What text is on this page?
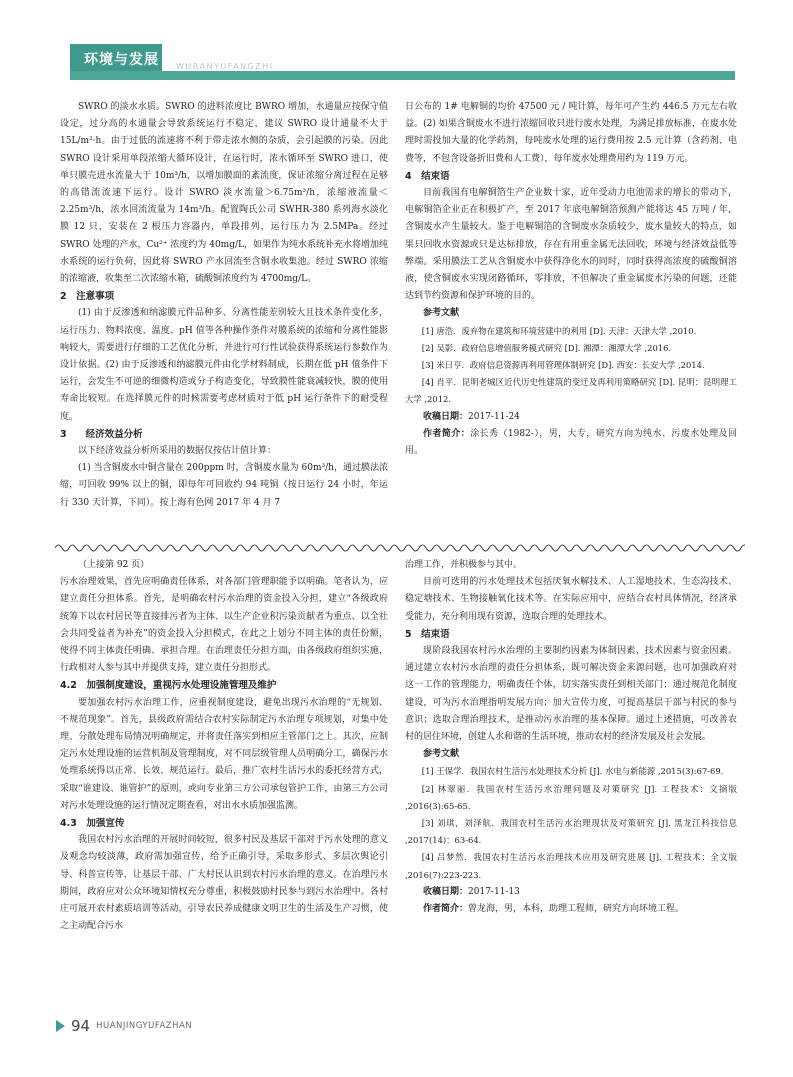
环境与发展 WURANYUFANGZHI

SWRO 的淡水水质。SWRO 的进料浓度比 BWRO 增加，水通量应按保守值设定，过分高的水通量会导致系统运行不稳定，建议 SWRO 设计通量不大于 15L/m²·h。由于过低的流速将不利于带走浓水侧的杂质，会引起膜的污染。因此 SWRO 设计采用单段浓缩大循环设计，在运行时，浓水循环至 SWRO 进口，使单只膜壳进水流量大于 10m³/h，以增加膜面的紊流度，保证浓缩分离过程在足够的高错流流速下运行。设计 SWRO 淡水流量＞6.75m³/h，浓缩液流量＜2.25m³/h，浓水回流流量为 14m³/h。配置陶氏公司 SWHR-380 系列海水淡化膜 12 只，安装在 2 根压力容器内，单段排列，运行压力为 2.5MPa。经过 SWRO 处理的产水，Cu²⁺ 浓度约为 40mg/L，如果作为纯水系统补充水将增加纯水系统的运行负荷，因此将 SWRO 产水回流至含铜水收集池。经过 SWRO 浓缩的浓缩液，收集至二次浓缩水箱，硫酸铜浓度约为 4700mg/L。

2　注意事项

(1) 由于反渗透和纳滤膜元件品种多、分离性能差别较大且技术条件变化多，运行压力、物料浓度、温度、pH 值等各种操作条件对膜系统的浓缩和分离性能影响较大，需要进行仔细的工艺优化分析，并进行可行性试验获得系统运行参数作为设计依据。(2) 由于反渗透和纳滤膜元件由化学材料制成，长期在低 pH 值条件下运行，会发生不可逆的细微构造或分子构造变化，导致膜性能衰减较快，膜的使用寿命比较短。在选择膜元件的时候需要考虑材质对于低 pH 运行条件下的耐受程度。

3　　经济效益分析

以下经济效益分析所采用的数据仅按估计值计算：

(1) 当含铜废水中铜含量在 200ppm 时，含铜废水量为 60m³/h，通过膜法浓缩，可回收 99% 以上的铜，即每年可回收约 94 吨铜（按日运行 24 小时，年运行 330 天计算，下同）。按上海有色网 2017 年 4 月 7

日公布的 1# 电解铜的均价 47500 元 / 吨计算，每年可产生约 446.5 万元左右收益。(2) 如果含铜废水不进行浓缩回收只进行废水处理，为满足排放标准，在废水处理时需投加大量的化学药剂，每吨废水处理的运行费用按 2.5 元计算（含药剂、电费等，不包含设备折旧费和人工费），每年废水处理费用约为 119 万元。

4　结束语

目前我国有电解铜箔生产企业数十家，近年受动力电池需求的增长的带动下，电解铜箔企业正在积极扩产，至 2017 年底电解铜箔预测产能将达 45 万吨 / 年，含铜废水产生量较大。鉴于电解铜箔的含铜废水杂质较少，废水量较大的特点，如果只回收水资源或只是达标排放，存在有用重金属无法回收，环境与经济效益低等弊端。采用膜法工艺从含铜废水中获得净化水的同时，同时获得高浓度的硫酸铜溶液，使含铜废水实现闭路循环，零排放，不但解决了重金属废水污染的问题，还能达到节约资源和保护环境的目的。

参考文献

[1] 唐浩．废弃物在建筑和环境营建中的利用 [D]. 天津：天津大学 ,2010.

[2] 吴影．政府信息增值服务模式研究 [D]. 湘潭：湘潭大学 ,2016.

[3] 米日亨．政府信息资源再利用管理体制研究 [D]. 西安：长安大学 ,2014.

[4] 肖平．昆明老城区近代历史性建筑的变迁及再利用策略研究 [D]. 昆明：昆明理工大学 ,2012.

收稿日期：2017-11-24

作者简介：涂长秀（1982-），男，大专，研究方向为纯水、污废水处理及回用。

（上接第 92 页）

污水治理效果，首先应明确责任体系，对各部门管理职能予以明确。笔者认为，应建立责任分担体系。首先，是明确农村污水治理的资金投入分担，建立“各级政府统筹下以农村居民等直接排污者为主体、以生产企业积污染贡献者为重点、以全社会共同受益者为补充”的资金投入分担模式，在此之上划分不同主体的责任份额，使得不同主体责任明确、承担合理。在治理责任分担方面，由各级政府组织实施，行政相对人参与其中并提供支持，建立责任分担形式。

4.2　加强制度建设，重视污水处理设施管理及维护

要加强农村污水治理工作，应重视制度建设，避免出现污水治理的“无规划、不规范现象”。首先，县级政府需结合农村实际制定污水治理专项规划，对集中处理、分散处理布局情况明确规定，并将责任落实到相应主管部门之上。其次，应制定污水处理设施的运营机制及管理制度，对不同层级管理人员明确分工，确保污水处理系统得以正常、长效、规范运行。最后，推广农村生活污水的委托经营方式，采取“谁建设、谁管护”的原则，或向专业第三方公司承包管护工作，由第三方公司对污水处理设施的运行情况定期查看，对出水水质加强监测。

4.3　加强宣传

我国农村污水治理的开展时间较短，很多村民及基层干部对于污水处理的意义及观念均较淡薄，政府需加强宣传，给予正确引导，采取多形式、多层次舆论引导、科普宣传等，让基层干部、广大村民认识到农村污水治理的意义。在治理污水期间，政府应对公众环境知情权充分尊重，积极鼓励村民参与到污水治理中。各村庄可展开农村素质培训等活动，引导农民养成健康文明卫生的生活及生产习惯，使之主动配合污水

治理工作，并积极参与其中。

目前可选用的污水处理技术包括厌氧水解技术、人工湿地技术、生态沟技术、稳定塘技术、生物接触氧化技术等。在实际应用中，应结合农村具体情况，经济承受能力，充分利用现有资源，选取合理的处理技术。

5　结束语

现阶段我国农村污水治理的主要制约因素为体制因素、技术因素与资金因素。通过建立农村污水治理的责任分担体系，既可解决资金来源问题，也可加强政府对这一工作的管理能力，明确责任个体，切实落实责任到相关部门；通过规范化制度建设，可为污水治理指明发展方向；加大宣传力度，可提高基层干部与村民的参与意识；选取合理治理技术，是推动污水治理的基本保障。通过上述措施，可改善农村的居住环境，创建人水和谐的生活环境，推动农村的经济发展及社会发展。

参考文献

[1] 王保学．我国农村生活污水处理技术分析 [J]. 水电与新能源 ,2015(3):67-69.

[2] 林翠丽．我国农村生活污水治理问题及对策研究 [J]. 工程技术：文摘版 ,2016(3):65-65.

[3] 刘琪，刘泽航．我国农村生活污水治理现状及对策研究 [J]. 黑龙江科技信息 ,2017(14)：63-64.

[4] 吕梦然．我国农村生活污水治理技术应用及研究进展 [J]. 工程技术：全文版 ,2016(7):223-223.

收稿日期：2017-11-13

作者简介：曾龙海，男，本科，助理工程师，研究方向环境工程。

94 HUANJINGYUFAZHAN
